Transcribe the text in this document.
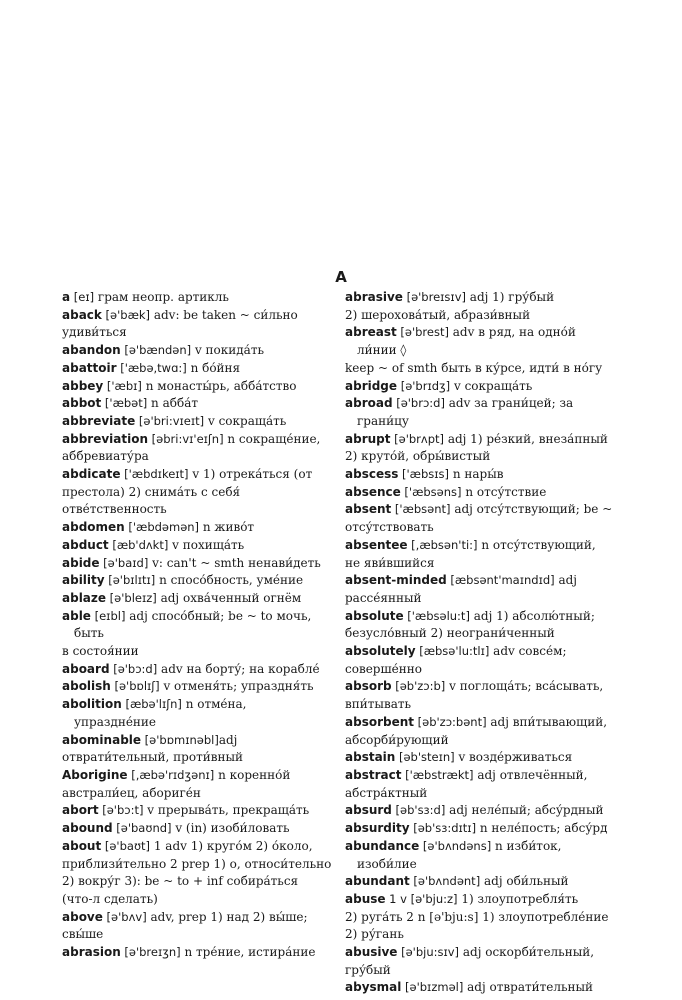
A

a [eɪ] грам неопр. артикль

aback [ə'bæk] adv: be taken ~ си́льно
удиви́ться

abandon [ə'bændən] v покида́ть

abattoir ['æbə,twɑ:] n бо́йня

abbey ['æbɪ] n монасты́рь, абба́тство

abbot ['æbət] n абба́т

abbreviate [ə'bri:vɪeɪt] v сокраща́ть

abbreviation [əbri:vɪ'eɪʃn] n сокраще́ние,
аббревиату́ра

abdicate ['æbdɪkeɪt] v 1) отрека́ться (от
престола) 2) снима́ть с себя́
отве́тственность

abdomen ['æbdəmən] n живо́т

abduct [æb'dʌkt] v похища́ть

abide [ə'baɪd] v: can't ~ smth ненави́деть

ability [ə'bɪlɪtɪ] n спосо́бность, уме́ние

ablaze [ə'bleɪz] adj охва́ченный огнём

able [eɪbl] adj спосо́бный; be ~ to мочь, быть
в состоя́нии

aboard [ə'bɔ:d] adv на борту́; на корабле́

abolish [ə'bɒlɪʃ] v отменя́ть; упраздня́ть

abolition [æbə'lɪʃn] n отме́на, упраздне́ние

abominable [ə'bɒmɪnəbl]adj
отврати́тельный, проти́вный

Aborigine [,æbə'rɪdʒənɪ] n коренно́й
австрали́ец, абориге́н

abort [ə'bɔ:t] v прерыва́ть, прекраща́ть

abound [ə'baʊnd] v (in) изоби́ловать

about [ə'baʊt] 1 adv 1) круго́м 2) о́коло,
приблизи́тельно 2 prep 1) о, относи́тельно
2) вокру́г 3): be ~ to + inf собира́ться
(что-л сделать)

above [ə'bʌv] adv, prep 1) над 2) вы́ше;
свы́ше

abrasion [ə'breɪʒn] n тре́ние, истира́ние

abrasive [ə'breɪsɪv] adj 1) гру́бый
2) шерохова́тый, абрази́вный

abreast [ə'brest] adv в ряд, на одно́й ли́нии ◊
keep ~ of smth быть в ку́рсе, идти́ в но́гу

abridge [ə'brɪdʒ] v сокраща́ть

abroad [ə'brɔ:d] adv за грани́цей; за грани́цу

abrupt [ə'brʌpt] adj 1) ре́зкий, внеза́пный
2) круто́й, обры́вистый

abscess ['æbsɪs] n нары́в

absence ['æbsəns] n отсу́тствие

absent ['æbsənt] adj отсу́тствующий; be ~
отсу́тствовать

absentee [,æbsən'ti:] n отсу́тствующий,
не яви́вшийся

absent-minded [æbsənt'maɪndɪd] adj
рассе́янный

absolute ['æbsəlu:t] adj 1) абсолю́тный;
безусло́вный 2) неограни́ченный

absolutely [æbsə'lu:tlɪ] adv совсе́м;
соверше́нно

absorb [əb'zɔ:b] v поглоща́ть; вса́сывать,
впи́тывать

absorbent [əb'zɔ:bənt] adj впи́тывающий,
абсорби́рующий

abstain [əb'steɪn] v возде́рживаться

abstract ['æbstrækt] adj отвлечённый,
абстра́ктный

absurd [əb'sɜ:d] adj неле́пый; абсу́рдный

absurdity [əb'sɜ:dɪtɪ] n неле́пость; абсу́рд

abundance [ə'bʌndəns] n изби́ток, изоби́лие

abundant [ə'bʌndənt] adj оби́льный

abuse 1 v [ə'bju:z] 1) злоупотребля́ть
2) руга́ть 2 n [ə'bju:s] 1) злоупотребле́ние
2) ру́гань

abusive [ə'bju:sɪv] adj оскорби́тельный,
гру́бый

abysmal [ə'bɪzməl] adj отврати́тельный
